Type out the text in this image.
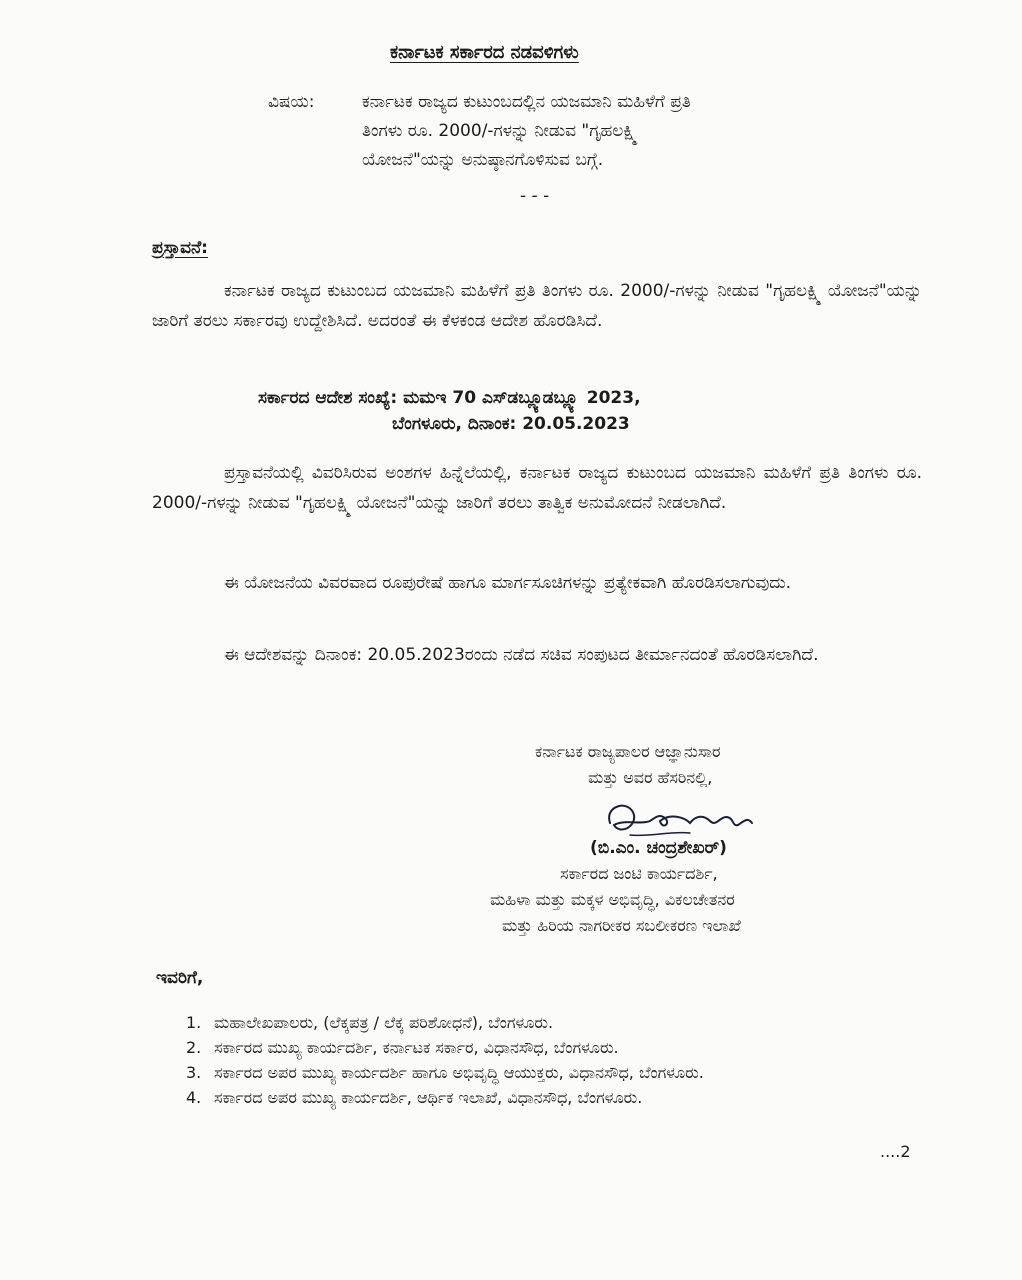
ಕರ್ನಾಟಕ ಸರ್ಕಾರದ ನಡವಳಿಗಳು
ವಿಷಯ:	ಕರ್ನಾಟಕ ರಾಜ್ಯದ ಕುಟುಂಬದಲ್ಲಿನ ಯಜಮಾನಿ ಮಹಿಳೆಗೆ ಪ್ರತಿ
ತಿಂಗಳು ರೂ. 2000/-ಗಳನ್ನು ನೀಡುವ "ಗೃಹಲಕ್ಷ್ಮಿ
ಯೋಜನೆ"ಯನ್ನು ಅನುಷ್ಠಾನಗೊಳಿಸುವ ಬಗ್ಗೆ.
- - -
ಪ್ರಸ್ತಾವನೆ:
ಕರ್ನಾಟಕ ರಾಜ್ಯದ ಕುಟುಂಬದ ಯಜಮಾನಿ ಮಹಿಳೆಗೆ ಪ್ರತಿ ತಿಂಗಳು ರೂ. 2000/-ಗಳನ್ನು ನೀಡುವ "ಗೃಹಲಕ್ಷ್ಮಿ ಯೋಜನೆ"ಯನ್ನು ಜಾರಿಗೆ ತರಲು ಸರ್ಕಾರವು ಉದ್ದೇಶಿಸಿದೆ. ಅದರಂತೆ ಈ ಕೆಳಕಂಡ ಆದೇಶ ಹೊರಡಿಸಿದೆ.
ಸರ್ಕಾರದ ಆದೇಶ ಸಂಖ್ಯೆ: ಮಮಇ 70 ಎಸ್‌ಡಬ್ಲ್ಯೂಡಬ್ಲ್ಯೂ 2023,
ಬೆಂಗಳೂರು, ದಿನಾಂಕ: 20.05.2023
ಪ್ರಸ್ತಾವನೆಯಲ್ಲಿ ವಿವರಿಸಿರುವ ಅಂಶಗಳ ಹಿನ್ನೆಲೆಯಲ್ಲಿ, ಕರ್ನಾಟಕ ರಾಜ್ಯದ ಕುಟುಂಬದ ಯಜಮಾನಿ ಮಹಿಳೆಗೆ ಪ್ರತಿ ತಿಂಗಳು ರೂ. 2000/-ಗಳನ್ನು ನೀಡುವ "ಗೃಹಲಕ್ಷ್ಮಿ ಯೋಜನೆ"ಯನ್ನು ಜಾರಿಗೆ ತರಲು ತಾತ್ವಿಕ ಅನುಮೋದನೆ ನೀಡಲಾಗಿದೆ.
ಈ ಯೋಜನೆಯ ವಿವರವಾದ ರೂಪುರೇಷೆ ಹಾಗೂ ಮಾರ್ಗಸೂಚಿಗಳನ್ನು ಪ್ರತ್ಯೇಕವಾಗಿ ಹೊರಡಿಸಲಾಗುವುದು.
ಈ ಆದೇಶವನ್ನು ದಿನಾಂಕ: 20.05.2023ರಂದು ನಡೆದ ಸಚಿವ ಸಂಪುಟದ ತೀರ್ಮಾನದಂತೆ ಹೊರಡಿಸಲಾಗಿದೆ.
ಕರ್ನಾಟಕ ರಾಜ್ಯಪಾಲರ ಆಜ್ಞಾನುಸಾರ
ಮತ್ತು ಅವರ ಹೆಸರಿನಲ್ಲಿ,
(ಬಿ.ಎಂ. ಚಂದ್ರಶೇಖರ್)
ಸರ್ಕಾರದ ಜಂಟಿ ಕಾರ್ಯದರ್ಶಿ,
ಮಹಿಳಾ ಮತ್ತು ಮಕ್ಕಳ ಅಭಿವೃದ್ಧಿ, ವಿಕಲಚೇತನರ
ಮತ್ತು ಹಿರಿಯ ನಾಗರೀಕರ ಸಬಲೀಕರಣ ಇಲಾಖೆ
ಇವರಿಗೆ,
1. ಮಹಾಲೇಖಪಾಲರು, (ಲೆಕ್ಕಪತ್ರ / ಲೆಕ್ಕ ಪರಿಶೋಧನೆ), ಬೆಂಗಳೂರು.
2. ಸರ್ಕಾರದ ಮುಖ್ಯ ಕಾರ್ಯದರ್ಶಿ, ಕರ್ನಾಟಕ ಸರ್ಕಾರ, ವಿಧಾನಸೌಧ, ಬೆಂಗಳೂರು.
3. ಸರ್ಕಾರದ ಅಪರ ಮುಖ್ಯ ಕಾರ್ಯದರ್ಶಿ ಹಾಗೂ ಅಭಿವೃದ್ಧಿ ಆಯುಕ್ತರು, ವಿಧಾನಸೌಧ, ಬೆಂಗಳೂರು.
4. ಸರ್ಕಾರದ ಅಪರ ಮುಖ್ಯ ಕಾರ್ಯದರ್ಶಿ, ಆರ್ಥಿಕ ಇಲಾಖೆ, ವಿಧಾನಸೌಧ, ಬೆಂಗಳೂರು.
....2
